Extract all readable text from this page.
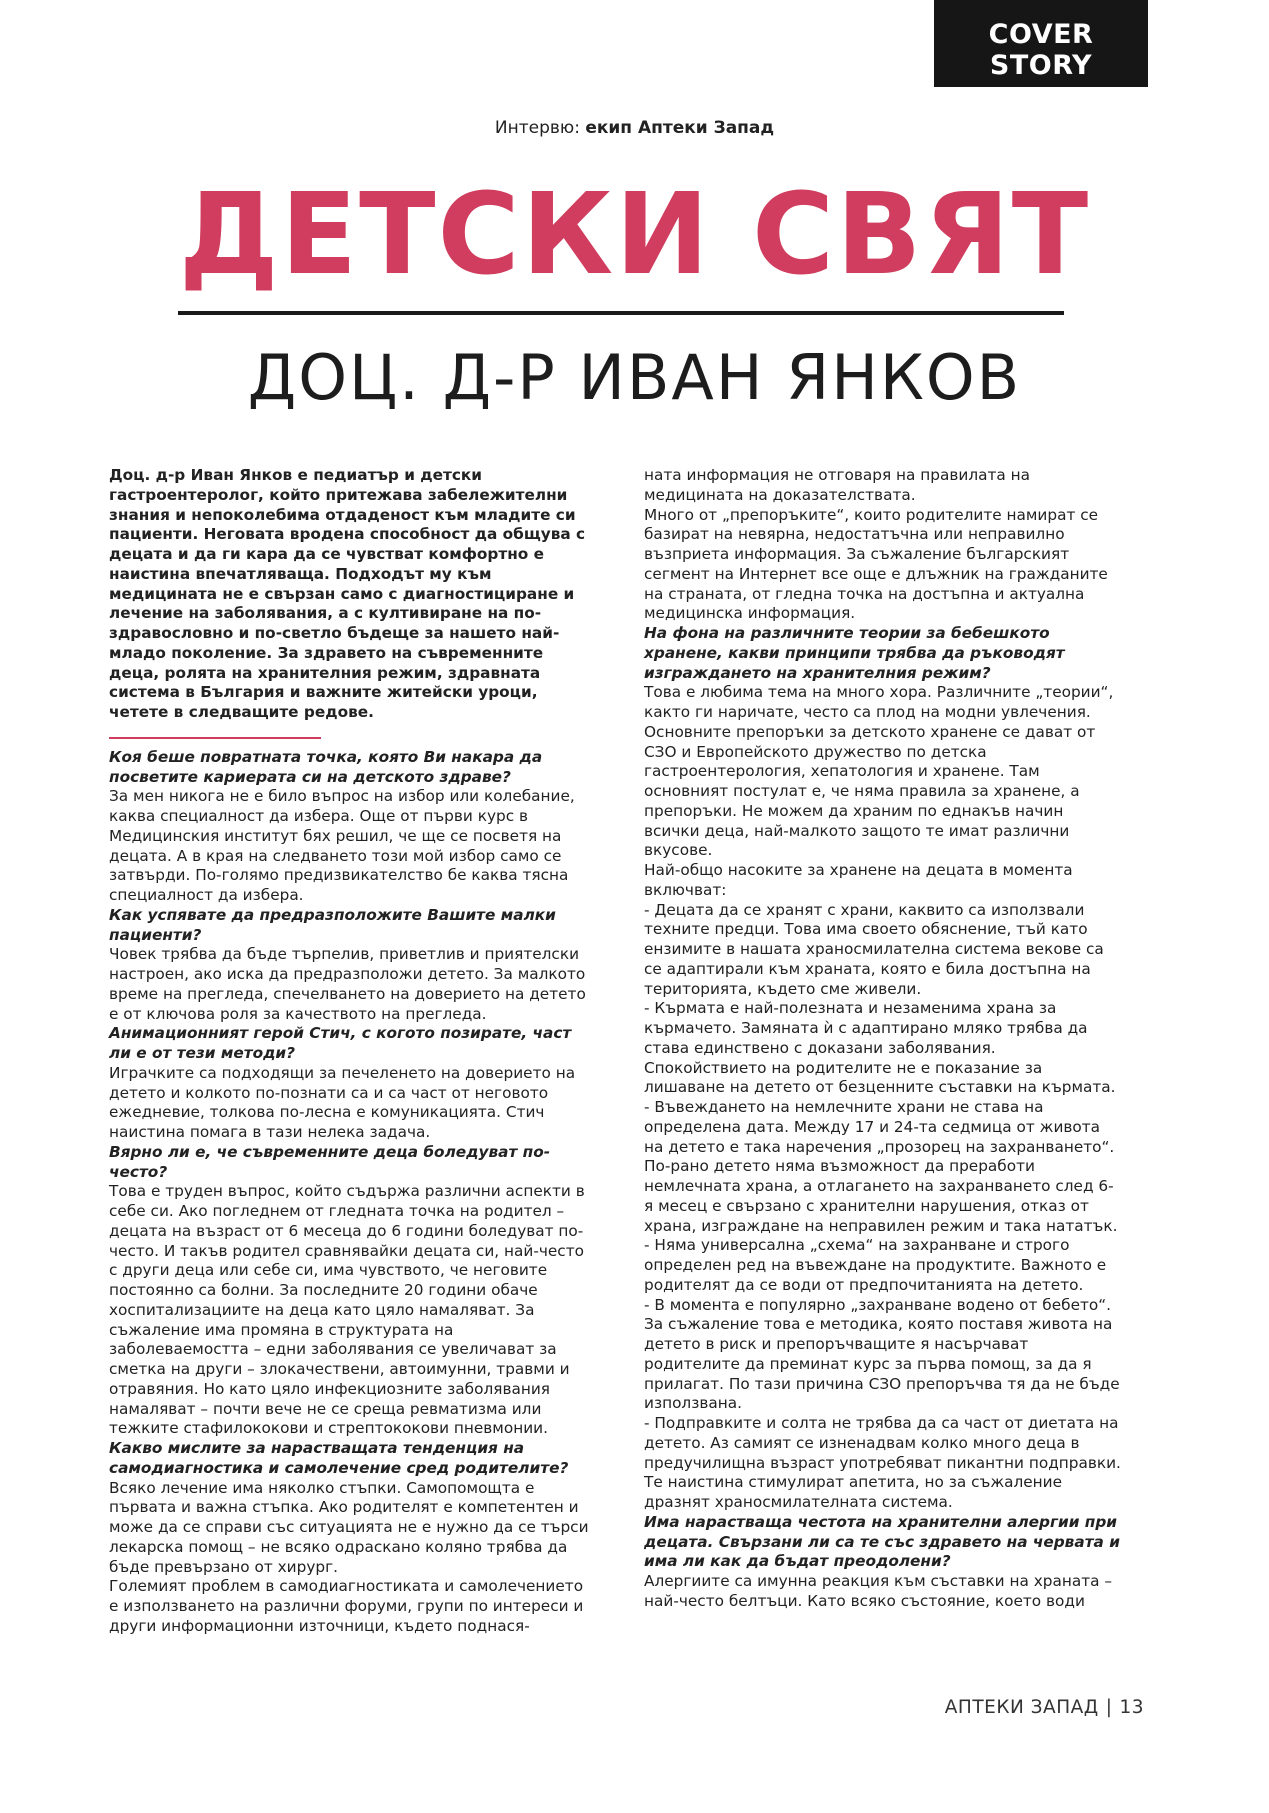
COVER STORY
Интервю: екип Аптеки Запад
ДЕТСКИ СВЯТ
ДОЦ. Д-Р ИВАН ЯНКОВ

Доц. д-р Иван Янков е педиатър и детски гастроентеролог, който притежава забележителни знания и непоколебима отдаденост към младите си пациенти. Неговата вродена способност да общува с децата и да ги кара да се чувстват комфортно е наистина впечатляваща. Подходът му към медицината не е свързан само с диагностициране и лечение на заболявания, а с култивиране на по-здравословно и по-светло бъдеще за нашето най-младо поколение. За здравето на съвременните деца, ролята на хранителния режим, здравната система в България и важните житейски уроци, четете в следващите редове.

Коя беше повратната точка, която Ви накара да посветите кариерата си на детското здраве?

За мен никога не е било въпрос на избор или колебание, каква специалност да избера. Още от първи курс в Медицинския институт бях решил, че ще се посветя на децата. А в края на следването този мой избор само се затвърди. По-голямо предизвикателство бе каква тясна специалност да избера.

Как успявате да предразположите Вашите малки пациенти?

Човек трябва да бъде търпелив, приветлив и приятелски настроен, ако иска да предразположи детето. За малкото време на прегледа, спечелването на доверието на детето е от ключова роля за качеството на прегледа.

Анимационният герой Стич, с когото позирате, част ли е от тези методи?

Играчките са подходящи за печеленето на доверието на детето и колкото по-познати са и са част от неговото ежедневие, толкова по-лесна е комуникацията. Стич наистина помага в тази нелека задача.

Вярно ли е, че съвременните деца боледуват по-често?

Това е труден въпрос, който съдържа различни аспекти в себе си. Ако погледнем от гледната точка на родител – децата на възраст от 6 месеца до 6 години боледуват по-често. И такъв родител сравнявайки децата си, най-често с други деца или себе си, има чувството, че неговите постоянно са болни. За последните 20 години обаче хоспитализациите на деца като цяло намаляват. За съжаление има промяна в структурата на заболеваемостта – едни заболявания се увеличават за сметка на други – злокачествени, автоимунни, травми и отравяния. Но като цяло инфекциозните заболявания намаляват – почти вече не се среща ревматизма или тежките стафилококови и стрептококови пневмонии.

Какво мислите за нарастващата тенденция на самодиагностика и самолечение сред родителите?

Всяко лечение има няколко стъпки. Самопомощта е първата и важна стъпка. Ако родителят е компетентен и може да се справи със ситуацията не е нужно да се търси лекарска помощ – не всяко одраскано коляно трябва да бъде превързано от хирург.

Големият проблем в самодиагностиката и самолечението е използването на различни форуми, групи по интереси и други информационни източници, където поднася-

ната информация не отговаря на правилата на медицината на доказателствата.

Много от „препоръките“, които родителите намират се базират на невярна, недостатъчна или неправилно възприета информация. За съжаление българският сегмент на Интернет все още е длъжник на гражданите на страната, от гледна точка на достъпна и актуална медицинска информация.

На фона на различните теории за бебешкото хранене, какви принципи трябва да ръководят изграждането на хранителния режим?

Това е любима тема на много хора. Различните „теории“, както ги наричате, често са плод на модни увлечения. Основните препоръки за детското хранене се дават от СЗО и Европейското дружество по детска гастроентерология, хепатология и хранене. Там основният постулат е, че няма правила за хранене, а препоръки. Не можем да храним по еднакъв начин всички деца, най-малкото защото те имат различни вкусове.

Най-общо насоките за хранене на децата в момента включват:

- Децата да се хранят с храни, каквито са използвали техните предци. Това има своето обяснение, тъй като ензимите в нашата храносмилателна система векове са се адаптирали към храната, която е била достъпна на територията, където сме живели.

- Кърмата е най-полезната и незаменима храна за кърмачето. Замяната ѝ с адаптирано мляко трябва да става единствено с доказани заболявания. Спокойствието на родителите не е показание за лишаване на детето от безценните съставки на кърмата.

- Въвеждането на немлечните храни не става на определена дата. Между 17 и 24-та седмица от живота на детето е така наречения „прозорец на захранването“. По-рано детето няма възможност да преработи немлечната храна, а отлагането на захранването след 6-я месец е свързано с хранителни нарушения, отказ от храна, изграждане на неправилен режим и така нататък.

- Няма универсална „схема“ на захранване и строго определен ред на въвеждане на продуктите. Важното е родителят да се води от предпочитанията на детето.

- В момента е популярно „захранване водено от бебето“. За съжаление това е методика, която поставя живота на детето в риск и препоръчващите я насърчават родителите да преминат курс за първа помощ, за да я прилагат. По тази причина СЗО препоръчва тя да не бъде използвана.

- Подправките и солта не трябва да са част от диетата на детето. Аз самият се изненадвам колко много деца в предучилищна възраст употребяват пикантни подправки. Те наистина стимулират апетита, но за съжаление дразнят храносмилателната система.

Има нарастваща честота на хранителни алергии при децата. Свързани ли са те със здравето на червата и има ли как да бъдат преодолени?

Алергиите са имунна реакция към съставки на храната – най-често белтъци. Като всяко състояние, което води

АПТЕКИ ЗАПАД | 13
